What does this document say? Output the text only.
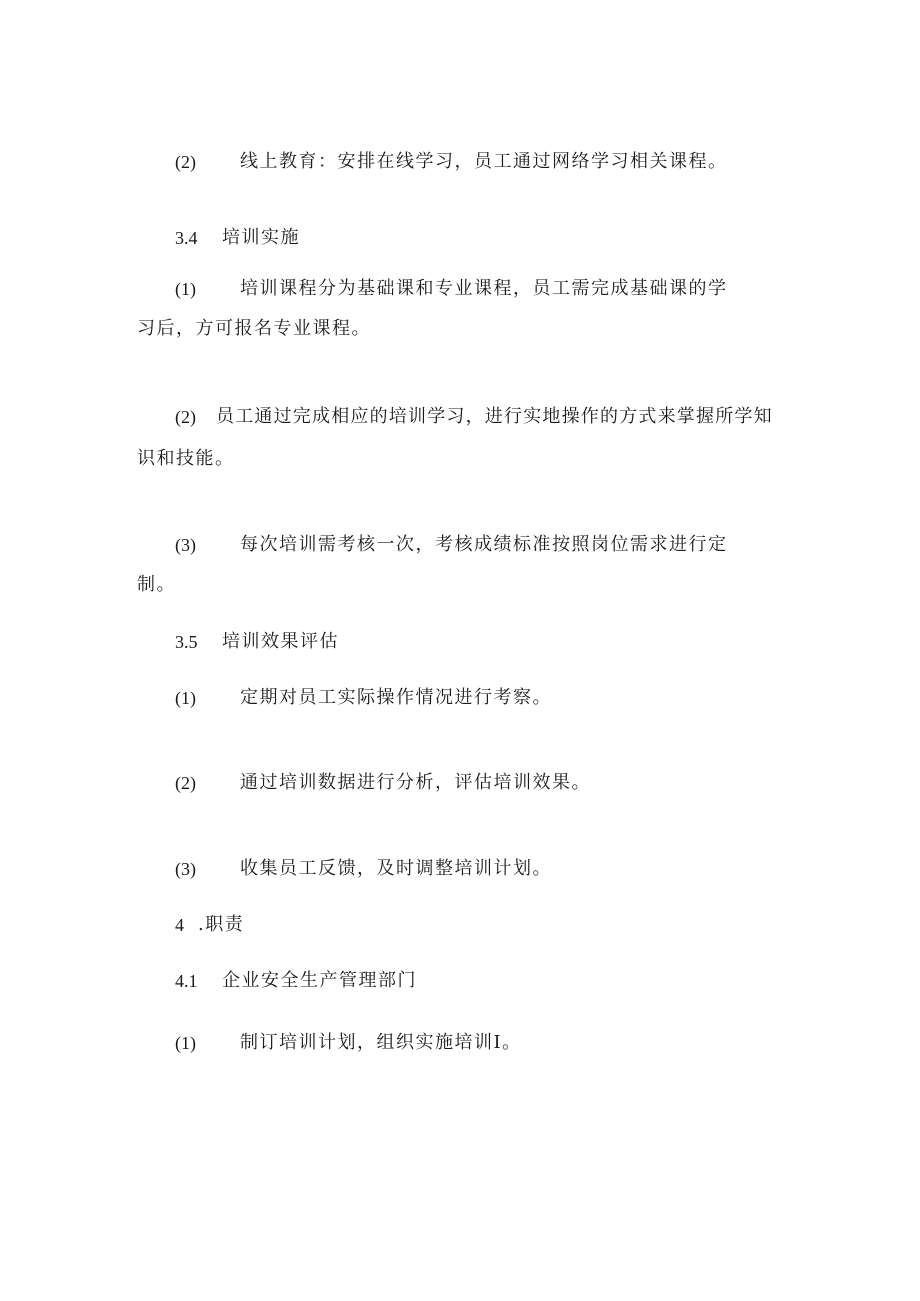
(2) 线上教育：安排在线学习，员工通过网络学习相关课程。
3.4 培训实施
(1) 培训课程分为基础课和专业课程，员工需完成基础课的学
习后，方可报名专业课程。
(2) 员工通过完成相应的培训学习，进行实地操作的方式来掌握所学知
识和技能。
(3) 每次培训需考核一次，考核成绩标准按照岗位需求进行定
制。
3.5 培训效果评估
(1) 定期对员工实际操作情况进行考察。
(2) 通过培训数据进行分析，评估培训效果。
(3) 收集员工反馈，及时调整培训计划。
4 .职责
4.1 企业安全生产管理部门
(1) 制订培训计划，组织实施培训I。
